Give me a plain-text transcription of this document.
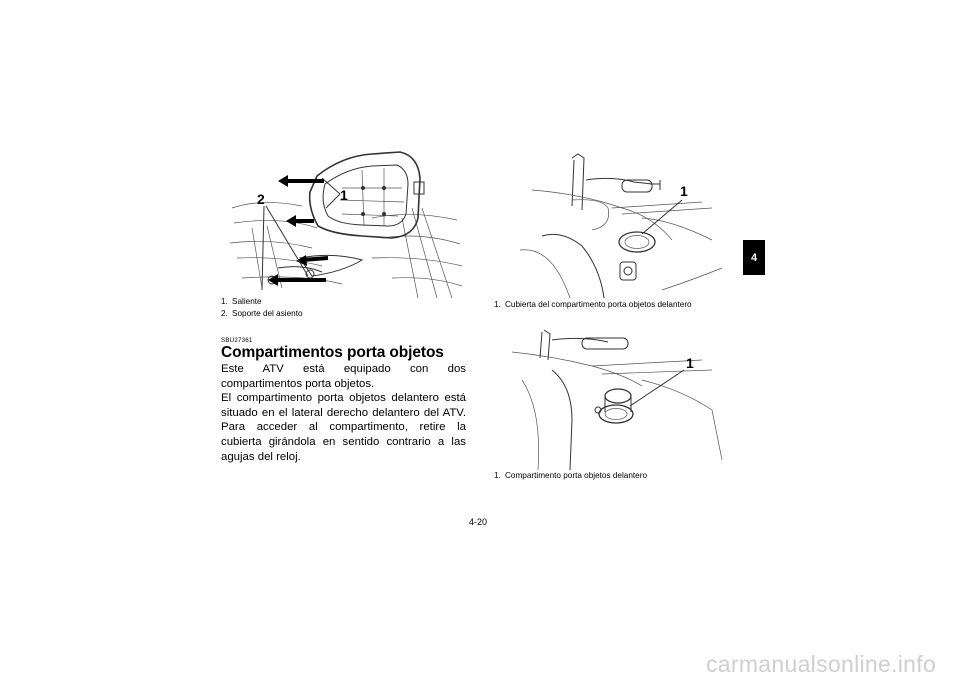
2	1
1. Saliente
2. Soporte del asiento
SBU27361
Compartimentos porta objetos

Este ATV está equipado con dos compartimentos porta objetos.

El compartimento porta objetos delantero está situado en el lateral derecho delantero del ATV. Para acceder al compartimento, retire la cubierta girándola en sentido contrario a las agujas del reloj.

1
1. Cubierta del compartimento porta objetos delantero
1
1. Compartimento porta objetos delantero
4
4-20
carmanualsonline.info
